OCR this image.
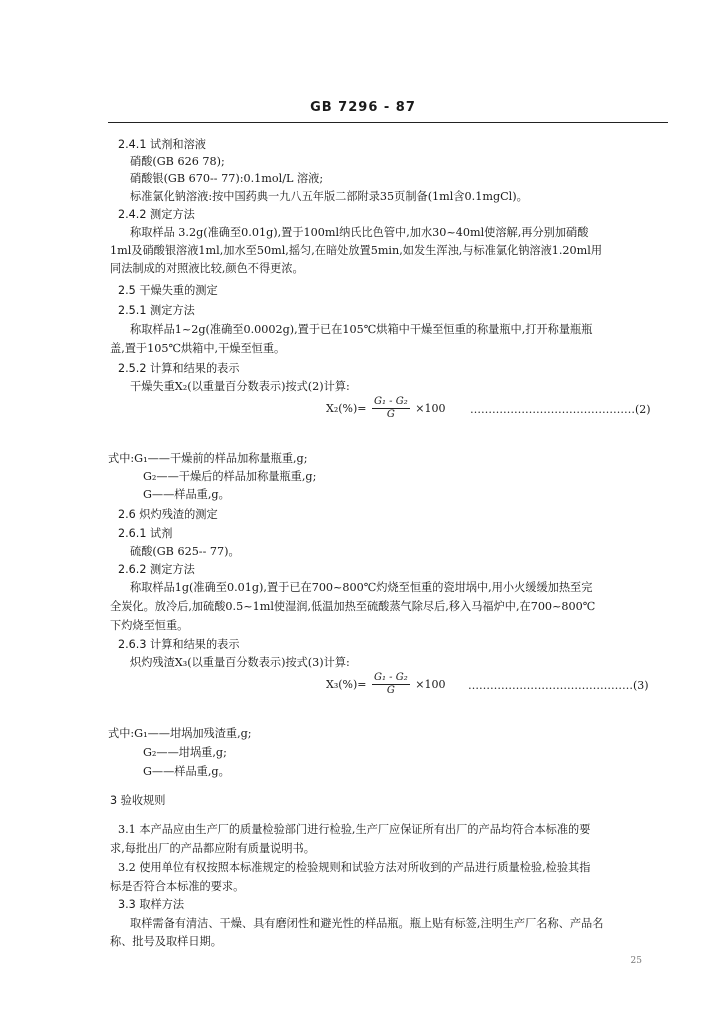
GB 7296 - 87
2.4.1 试剂和溶液
硝酸(GB 626 78);
硝酸银(GB 670-- 77):0.1mol/L 溶液;
标准氯化钠溶液:按中国药典一九八五年版二部附录35页制备(1ml含0.1mgCl)。
2.4.2 测定方法
称取样品 3.2g(准确至0.01g),置于100ml纳氏比色管中,加水30~40ml使溶解,再分别加硝酸
1ml及硝酸银溶液1ml,加水至50ml,摇匀,在暗处放置5min,如发生浑浊,与标准氯化钠溶液1.20ml用
同法制成的对照液比较,颜色不得更浓。
2.5 干燥失重的测定
2.5.1 测定方法
称取样品1~2g(准确至0.0002g),置于已在105℃烘箱中干燥至恒重的称量瓶中,打开称量瓶瓶
盖,置于105℃烘箱中,干燥至恒重。
2.5.2 计算和结果的表示
干燥失重X₂(以重量百分数表示)按式(2)计算:
$X_2(\%)= \frac{\text{G₁ - G₂}}{G} \times 100$ ………………………………………(2)
式中:G₁——干燥前的样品加称量瓶重,g;
G₂——干燥后的样品加称量瓶重,g;
G——样品重,g。
2.6 炽灼残渣的测定
2.6.1 试剂
硫酸(GB 625-- 77)。
2.6.2 测定方法
称取样品1g(准确至0.01g),置于已在700~800℃灼烧至恒重的瓷坩埚中,用小火缓缓加热至完
全炭化。放冷后,加硫酸0.5~1ml使湿润,低温加热至硫酸蒸气除尽后,移入马福炉中,在700~800℃
下灼烧至恒重。
2.6.3 计算和结果的表示
炽灼残渣X₃(以重量百分数表示)按式(3)计算:
$X_3(\%)= \frac{\text{G₁ - G₂}}{G} \times 100$ ………………………………………(3)
式中:G₁——坩埚加残渣重,g;
G₂——坩埚重,g;
G——样品重,g。
3 验收规则
3.1 本产品应由生产厂的质量检验部门进行检验,生产厂应保证所有出厂的产品均符合本标准的要
求,每批出厂的产品都应附有质量说明书。
3.2 使用单位有权按照本标准规定的检验规则和试验方法对所收到的产品进行质量检验,检验其指
标是否符合本标准的要求。
3.3 取样方法
取样需备有清洁、干燥、具有磨闭性和避光性的样品瓶。瓶上贴有标签,注明生产厂名称、产品名
称、批号及取样日期。
25
